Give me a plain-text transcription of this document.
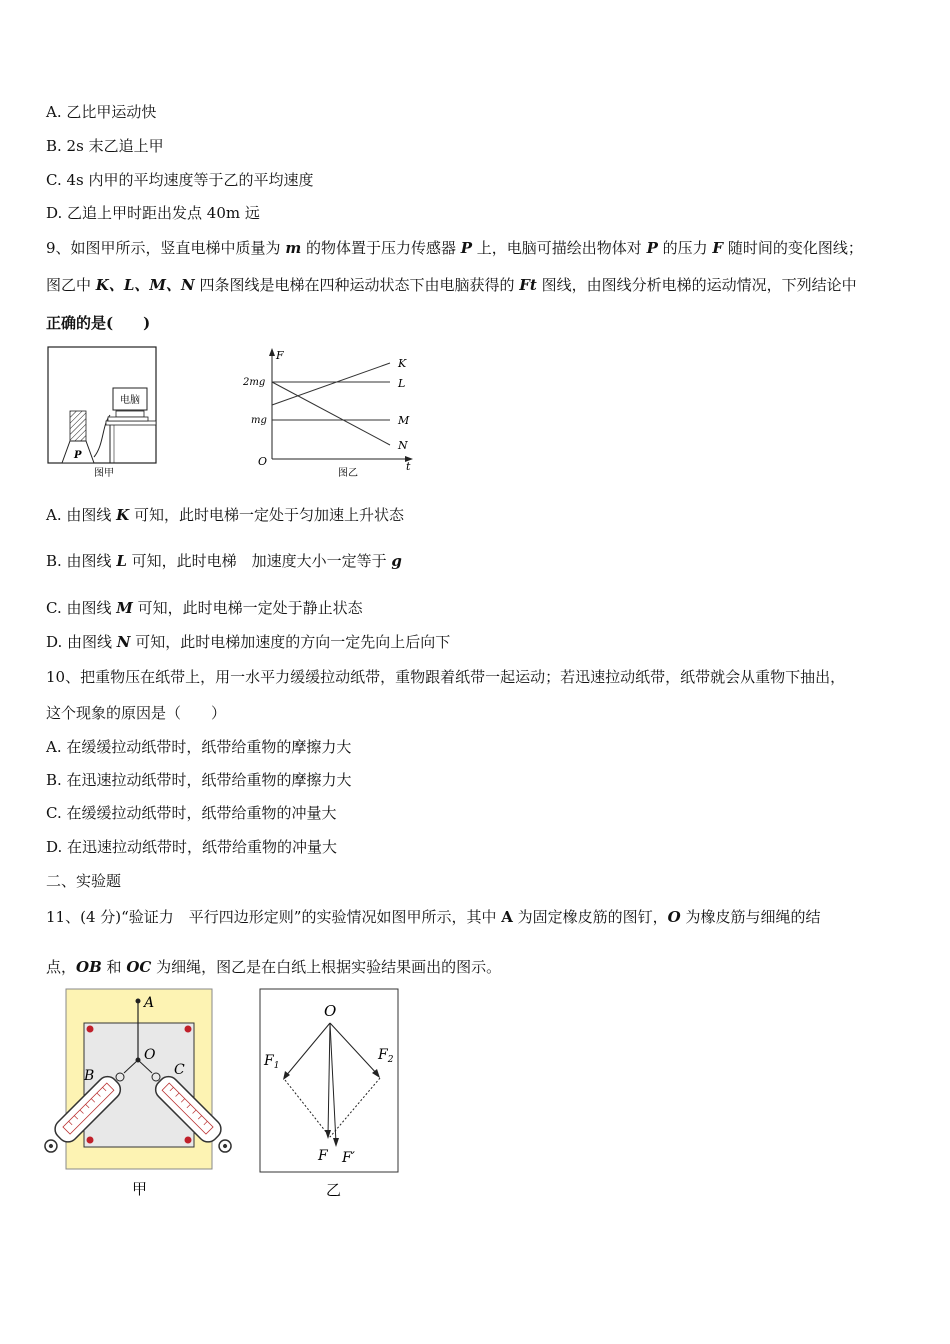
A. 乙比甲运动快
B. 2s 末乙追上甲
C. 4s 内甲的平均速度等于乙的平均速度
D. 乙追上甲时距出发点 40m 远
9、如图甲所示，竖直电梯中质量为 m 的物体置于压力传感器 P 上，电脑可描绘出物体对 P 的压力 F 随时间的变化图线；
图乙中 K、L、M、N 四条图线是电梯在四种运动状态下由电脑获得的 Ft 图线，由图线分析电梯的运动情况，下列结论中
正确的是(　　)
P
电脑
图甲
F
t
O
2mg
mg
K
L
M
N
图乙
A. 由图线 K 可知，此时电梯一定处于匀加速上升状态
B. 由图线 L 可知，此时电梯　加速度大小一定等于 g
C. 由图线 M 可知，此时电梯一定处于静止状态
D. 由图线 N 可知，此时电梯加速度的方向一定先向上后向下
10、把重物压在纸带上，用一水平力缓缓拉动纸带，重物跟着纸带一起运动；若迅速拉动纸带，纸带就会从重物下抽出，
这个现象的原因是（　　）
A. 在缓缓拉动纸带时，纸带给重物的摩擦力大
B. 在迅速拉动纸带时，纸带给重物的摩擦力大
C. 在缓缓拉动纸带时，纸带给重物的冲量大
D. 在迅速拉动纸带时，纸带给重物的冲量大
二、实验题
11、(4 分)“验证力　平行四边形定则”的实验情况如图甲所示，其中 A 为固定橡皮筋的图钉，O 为橡皮筋与细绳的结
点，OB 和 OC 为细绳，图乙是在白纸上根据实验结果画出的图示。
A
O
B	C
甲
O
$F_1$
$F_2$
F F′
乙
